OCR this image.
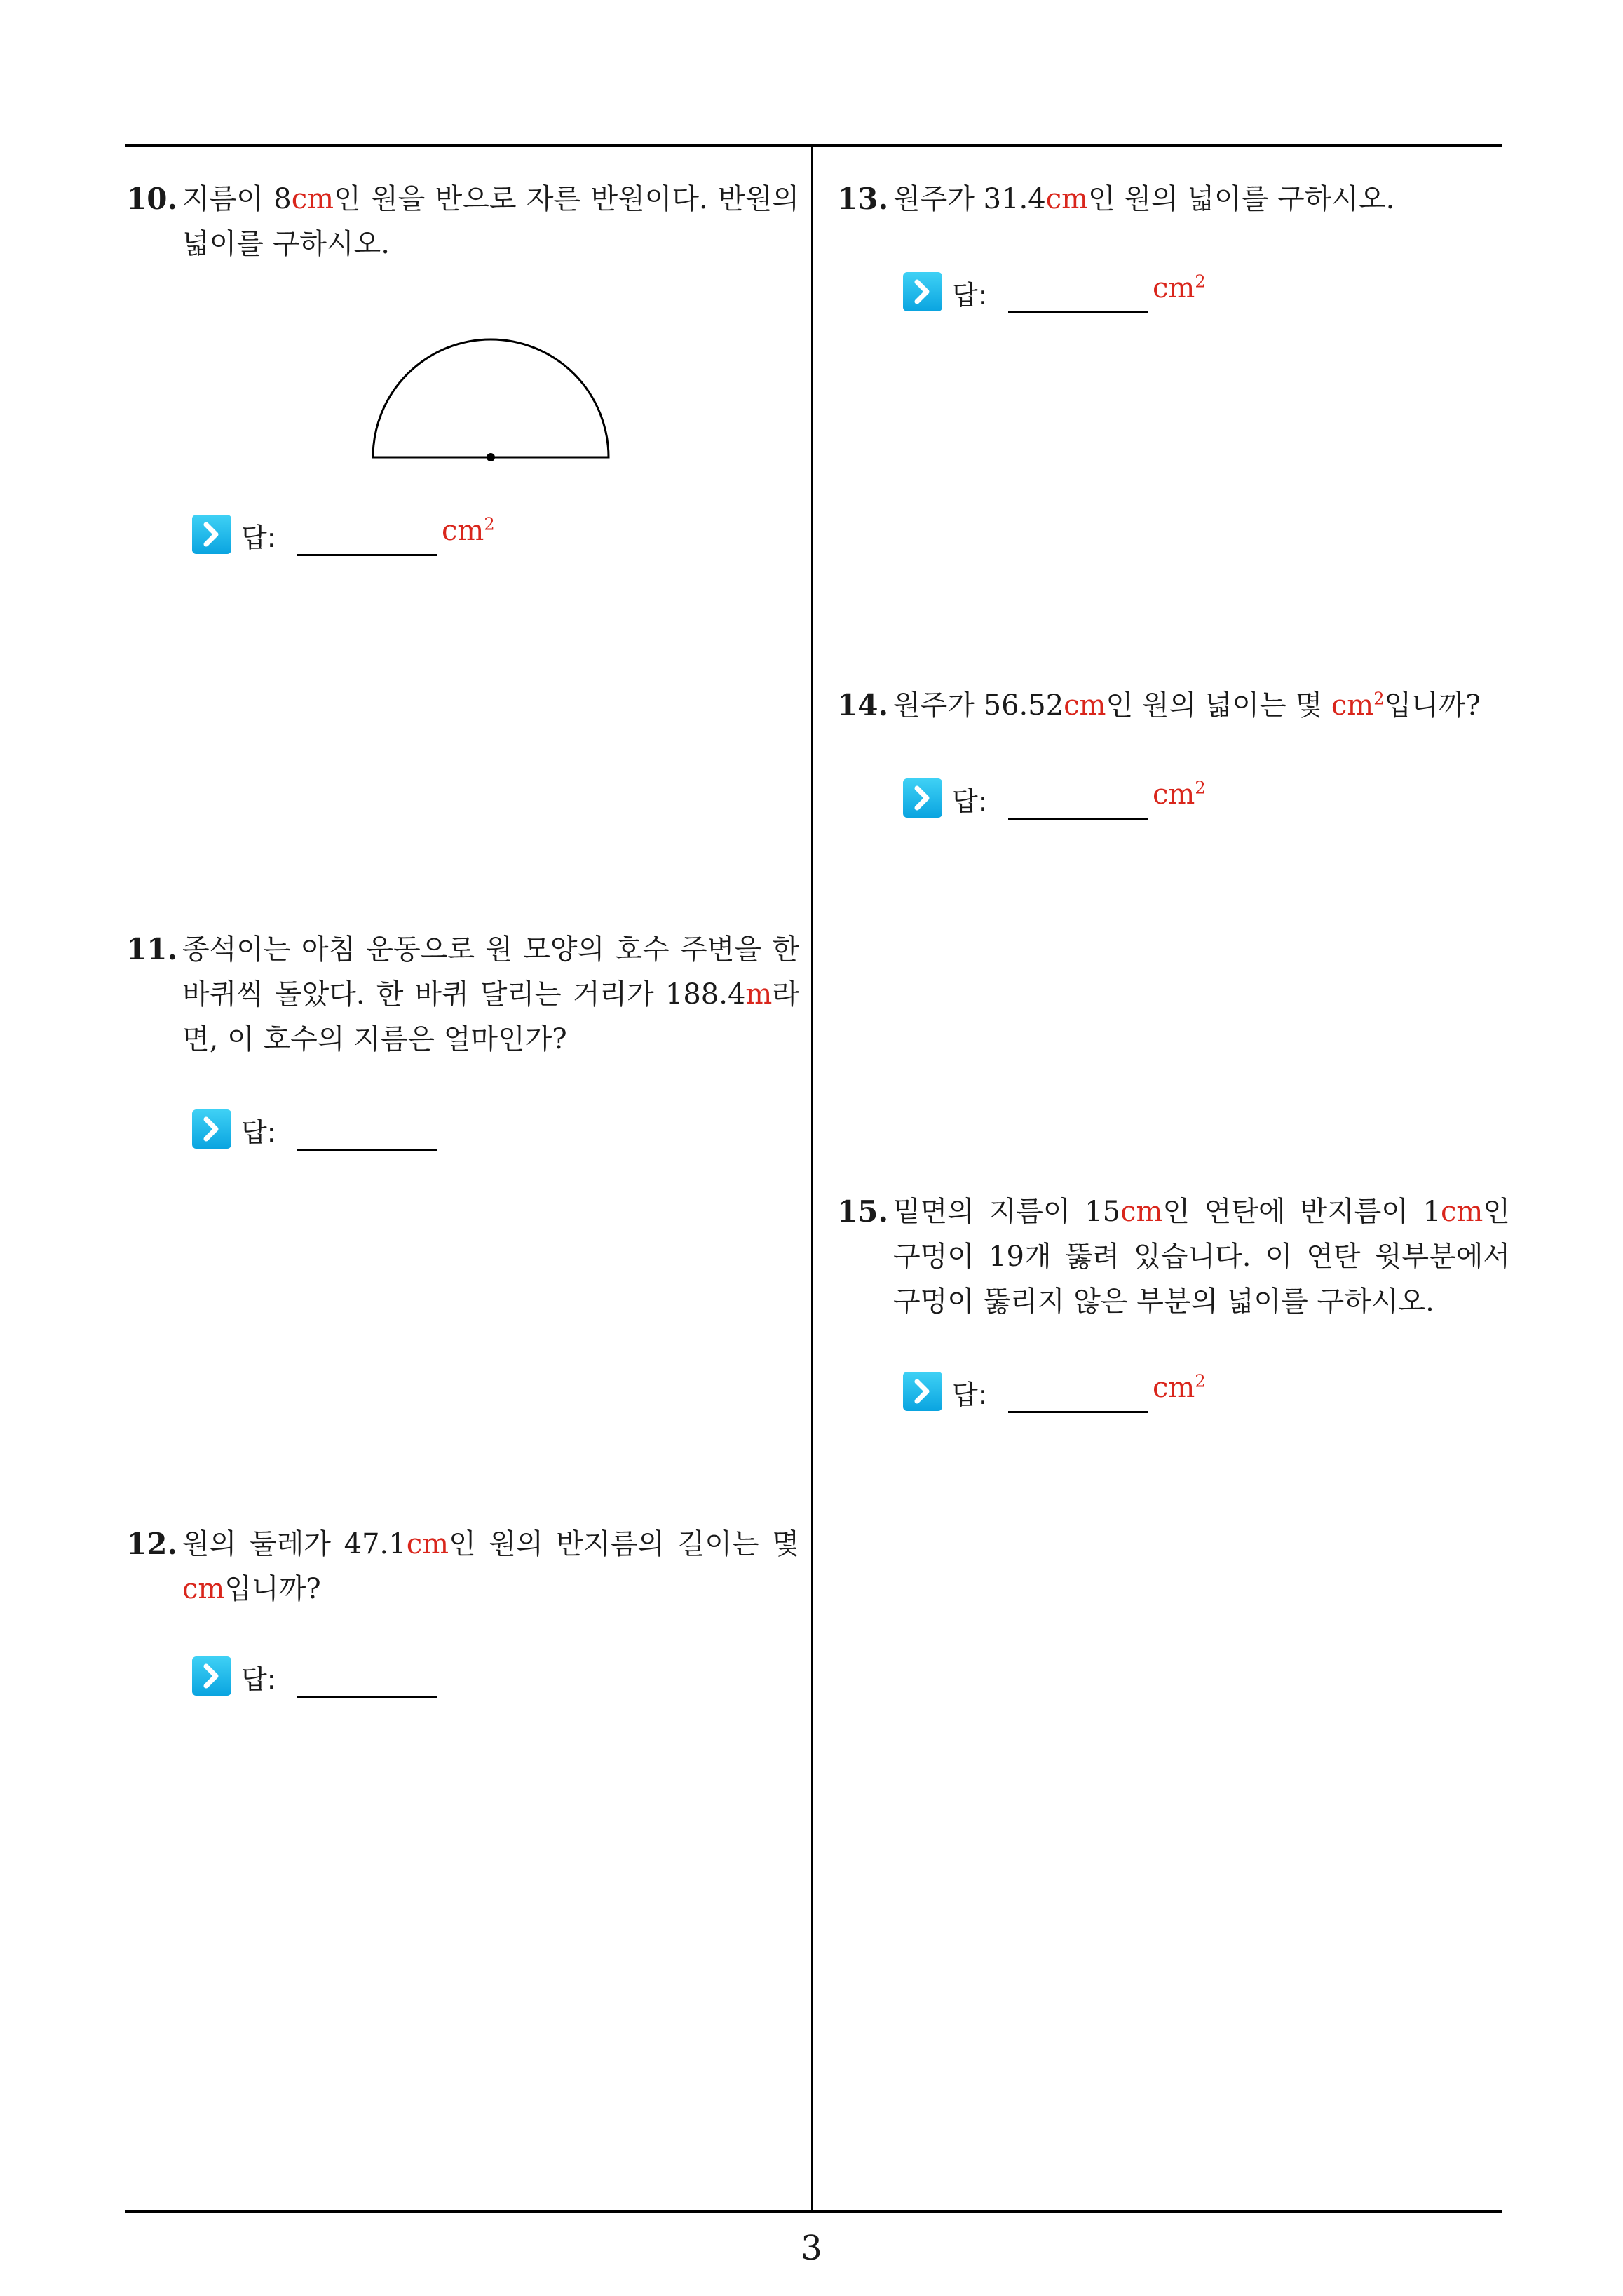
10. 지름이 8cm인 원을 반으로 자른 반원이다. 반원의 넓이를 구하시오.
답:	$cm^2$
11. 종석이는 아침 운동으로 원 모양의 호수 주변을 한 바퀴씩 돌았다. 한 바퀴 달리는 거리가 188.4m라면, 이 호수의 지름은 얼마인가?
답:
12. 원의 둘레가 47.1cm인 원의 반지름의 길이는 몇cm입니까?
답:
13. 원주가 31.4cm인 원의 넓이를 구하시오.
답:	$cm^2$
14. 원주가 56.52cm인 원의 넓이는 몇 $cm^2$입니까?
답:	$cm^2$
15. 밑면의 지름이 15cm인 연탄에 반지름이 1cm인 구멍이 19개 뚫려 있습니다. 이 연탄 윗부분에서 구멍이 뚫리지 않은 부분의 넓이를 구하시오.
답:	$cm^2$
3
